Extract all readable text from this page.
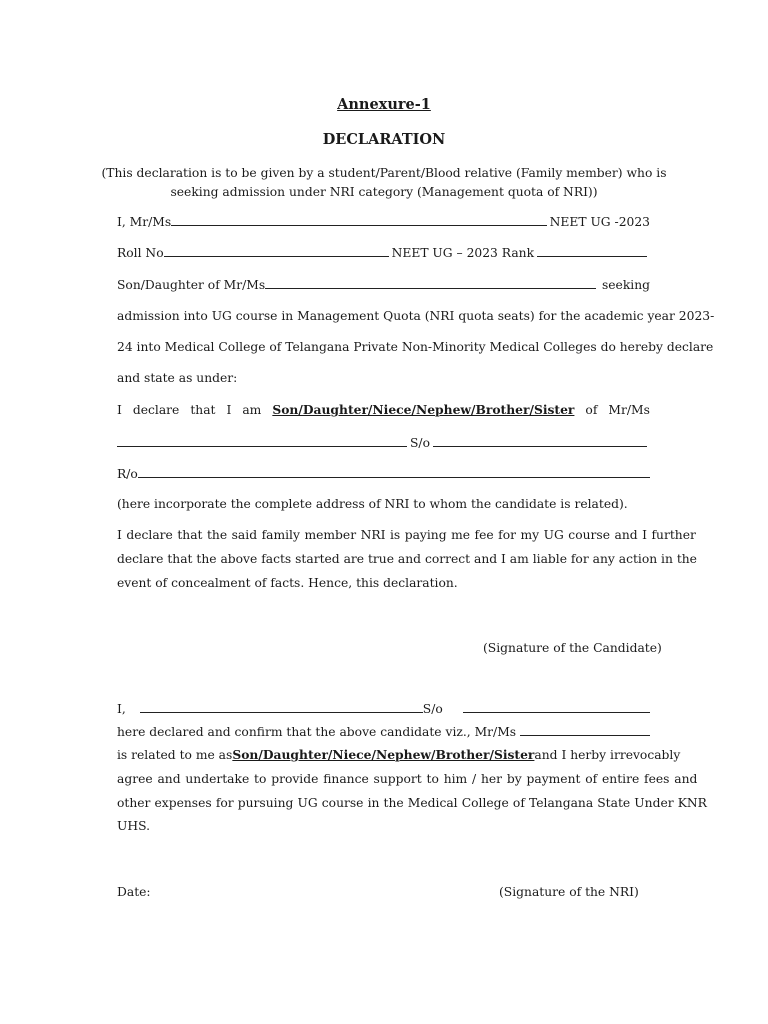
Annexure-1
DECLARATION
(This declaration is to be given by a student/Parent/Blood relative (Family member) who is
seeking admission under NRI category (Management quota of NRI))
I, Mr/Ms	NEET UG -2023
Roll No	NEET UG – 2023 Rank
Son/Daughter of Mr/Ms	seeking
admission into UG course in Management Quota (NRI quota seats) for the academic year 2023-
24 into Medical College of Telangana Private Non-Minority Medical Colleges do hereby declare
and state as under:
I declare that I am Son/Daughter/Niece/Nephew/Brother/Sister of Mr/Ms
S/o
R/o
(here incorporate the complete address of NRI to whom the candidate is related).
I declare that the said family member NRI is paying me fee for my UG course and I further
declare that the above facts started are true and correct and I am liable for any action in the
event of concealment of facts. Hence, this declaration.
(Signature of the Candidate)
I,	S/o
here declared and confirm that the above candidate viz., Mr/Ms
is related to me as Son/Daughter/Niece/Nephew/Brother/Sister and I herby irrevocably
agree and undertake to provide finance support to him / her by payment of entire fees and
other expenses for pursuing UG course in the Medical College of Telangana State Under KNR
UHS.
Date:	(Signature of the NRI)
